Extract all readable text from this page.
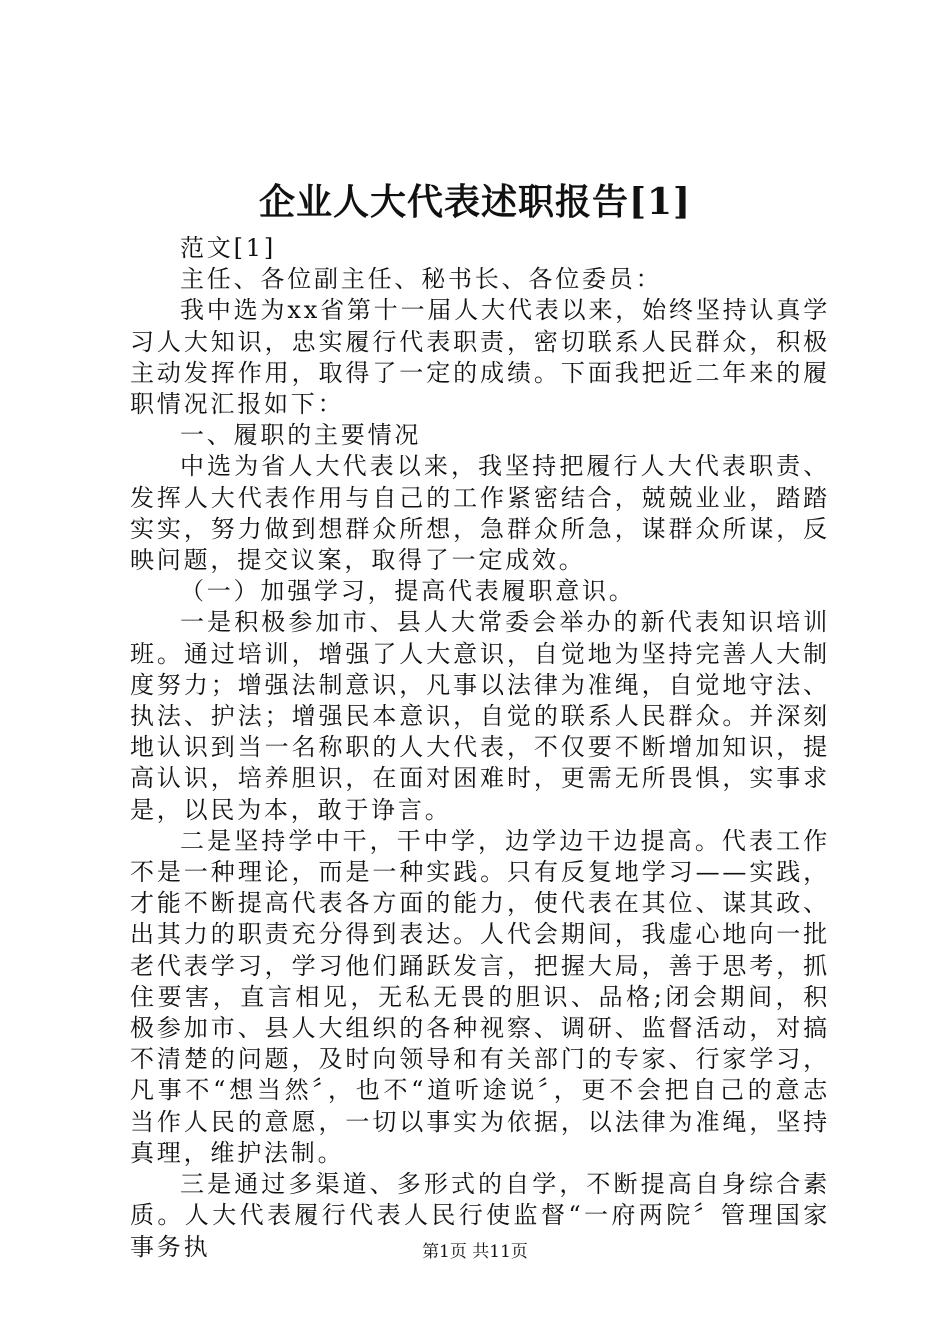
企业人大代表述职报告[1]

范文[1]

主任、各位副主任、秘书长、各位委员：

我中选为xx省第十一届人大代表以来，始终坚持认真学习人大知识，忠实履行代表职责，密切联系人民群众，积极主动发挥作用，取得了一定的成绩。下面我把近二年来的履职情况汇报如下：

一、履职的主要情况

中选为省人大代表以来，我坚持把履行人大代表职责、发挥人大代表作用与自己的工作紧密结合，兢兢业业，踏踏实实，努力做到想群众所想，急群众所急，谋群众所谋，反映问题，提交议案，取得了一定成效。

（一）加强学习，提高代表履职意识。

一是积极参加市、县人大常委会举办的新代表知识培训班。通过培训，增强了人大意识，自觉地为坚持完善人大制度努力；增强法制意识，凡事以法律为准绳，自觉地守法、执法、护法；增强民本意识，自觉的联系人民群众。并深刻地认识到当一名称职的人大代表，不仅要不断增加知识，提高认识，培养胆识，在面对困难时，更需无所畏惧，实事求是，以民为本，敢于诤言。

二是坚持学中干，干中学，边学边干边提高。代表工作不是一种理论，而是一种实践。只有反复地学习——实践，才能不断提高代表各方面的能力，使代表在其位、谋其政、出其力的职责充分得到表达。人代会期间，我虚心地向一批老代表学习，学习他们踊跃发言，把握大局，善于思考，抓住要害，直言相见，无私无畏的胆识、品格;闭会期间，积极参加市、县人大组织的各种视察、调研、监督活动，对搞不清楚的问题，及时向领导和有关部门的专家、行家学习，凡事不“想当然〞，也不“道听途说〞，更不会把自己的意志当作人民的意愿，一切以事实为依据，以法律为准绳，坚持真理，维护法制。

三是通过多渠道、多形式的自学，不断提高自身综合素质。人大代表履行代表人民行使监督“一府两院〞管理国家事务执	第1页 共11页
